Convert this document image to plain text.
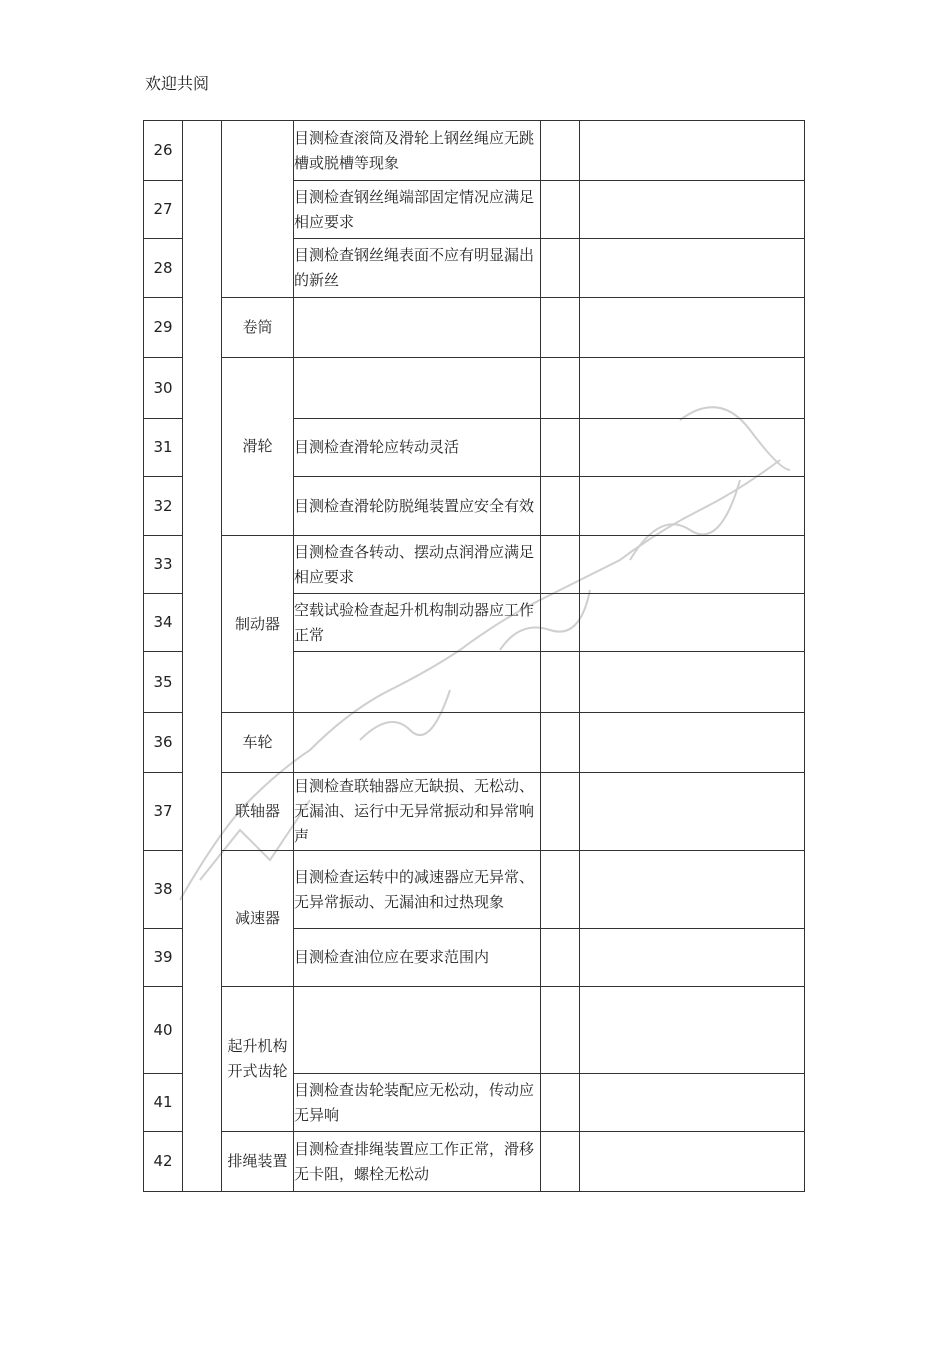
欢迎共阅
26			目测检查滚筒及滑轮上钢丝绳应无跳槽或脱槽等现象		
27			目测检查钢丝绳端部固定情况应满足相应要求		
28			目测检查钢丝绳表面不应有明显漏出的新丝		
29		卷筒			
30		滑轮			
31			目测检查滑轮应转动灵活		
32			目测检查滑轮防脱绳装置应安全有效		
33		制动器	目测检查各转动、摆动点润滑应满足相应要求		
34			空载试验检查起升机构制动器应工作正常		
35					
36		车轮			
37		联轴器	目测检查联轴器应无缺损、无松动、无漏油、运行中无异常振动和异常响声		
38		减速器	目测检查运转中的减速器应无异常、无异常振动、无漏油和过热现象		
39			目测检查油位应在要求范围内		
40		起升机构开式齿轮			
41			目测检查齿轮装配应无松动，传动应无异响		
42		排绳装置	目测检查排绳装置应工作正常，滑移无卡阻，螺栓无松动		
